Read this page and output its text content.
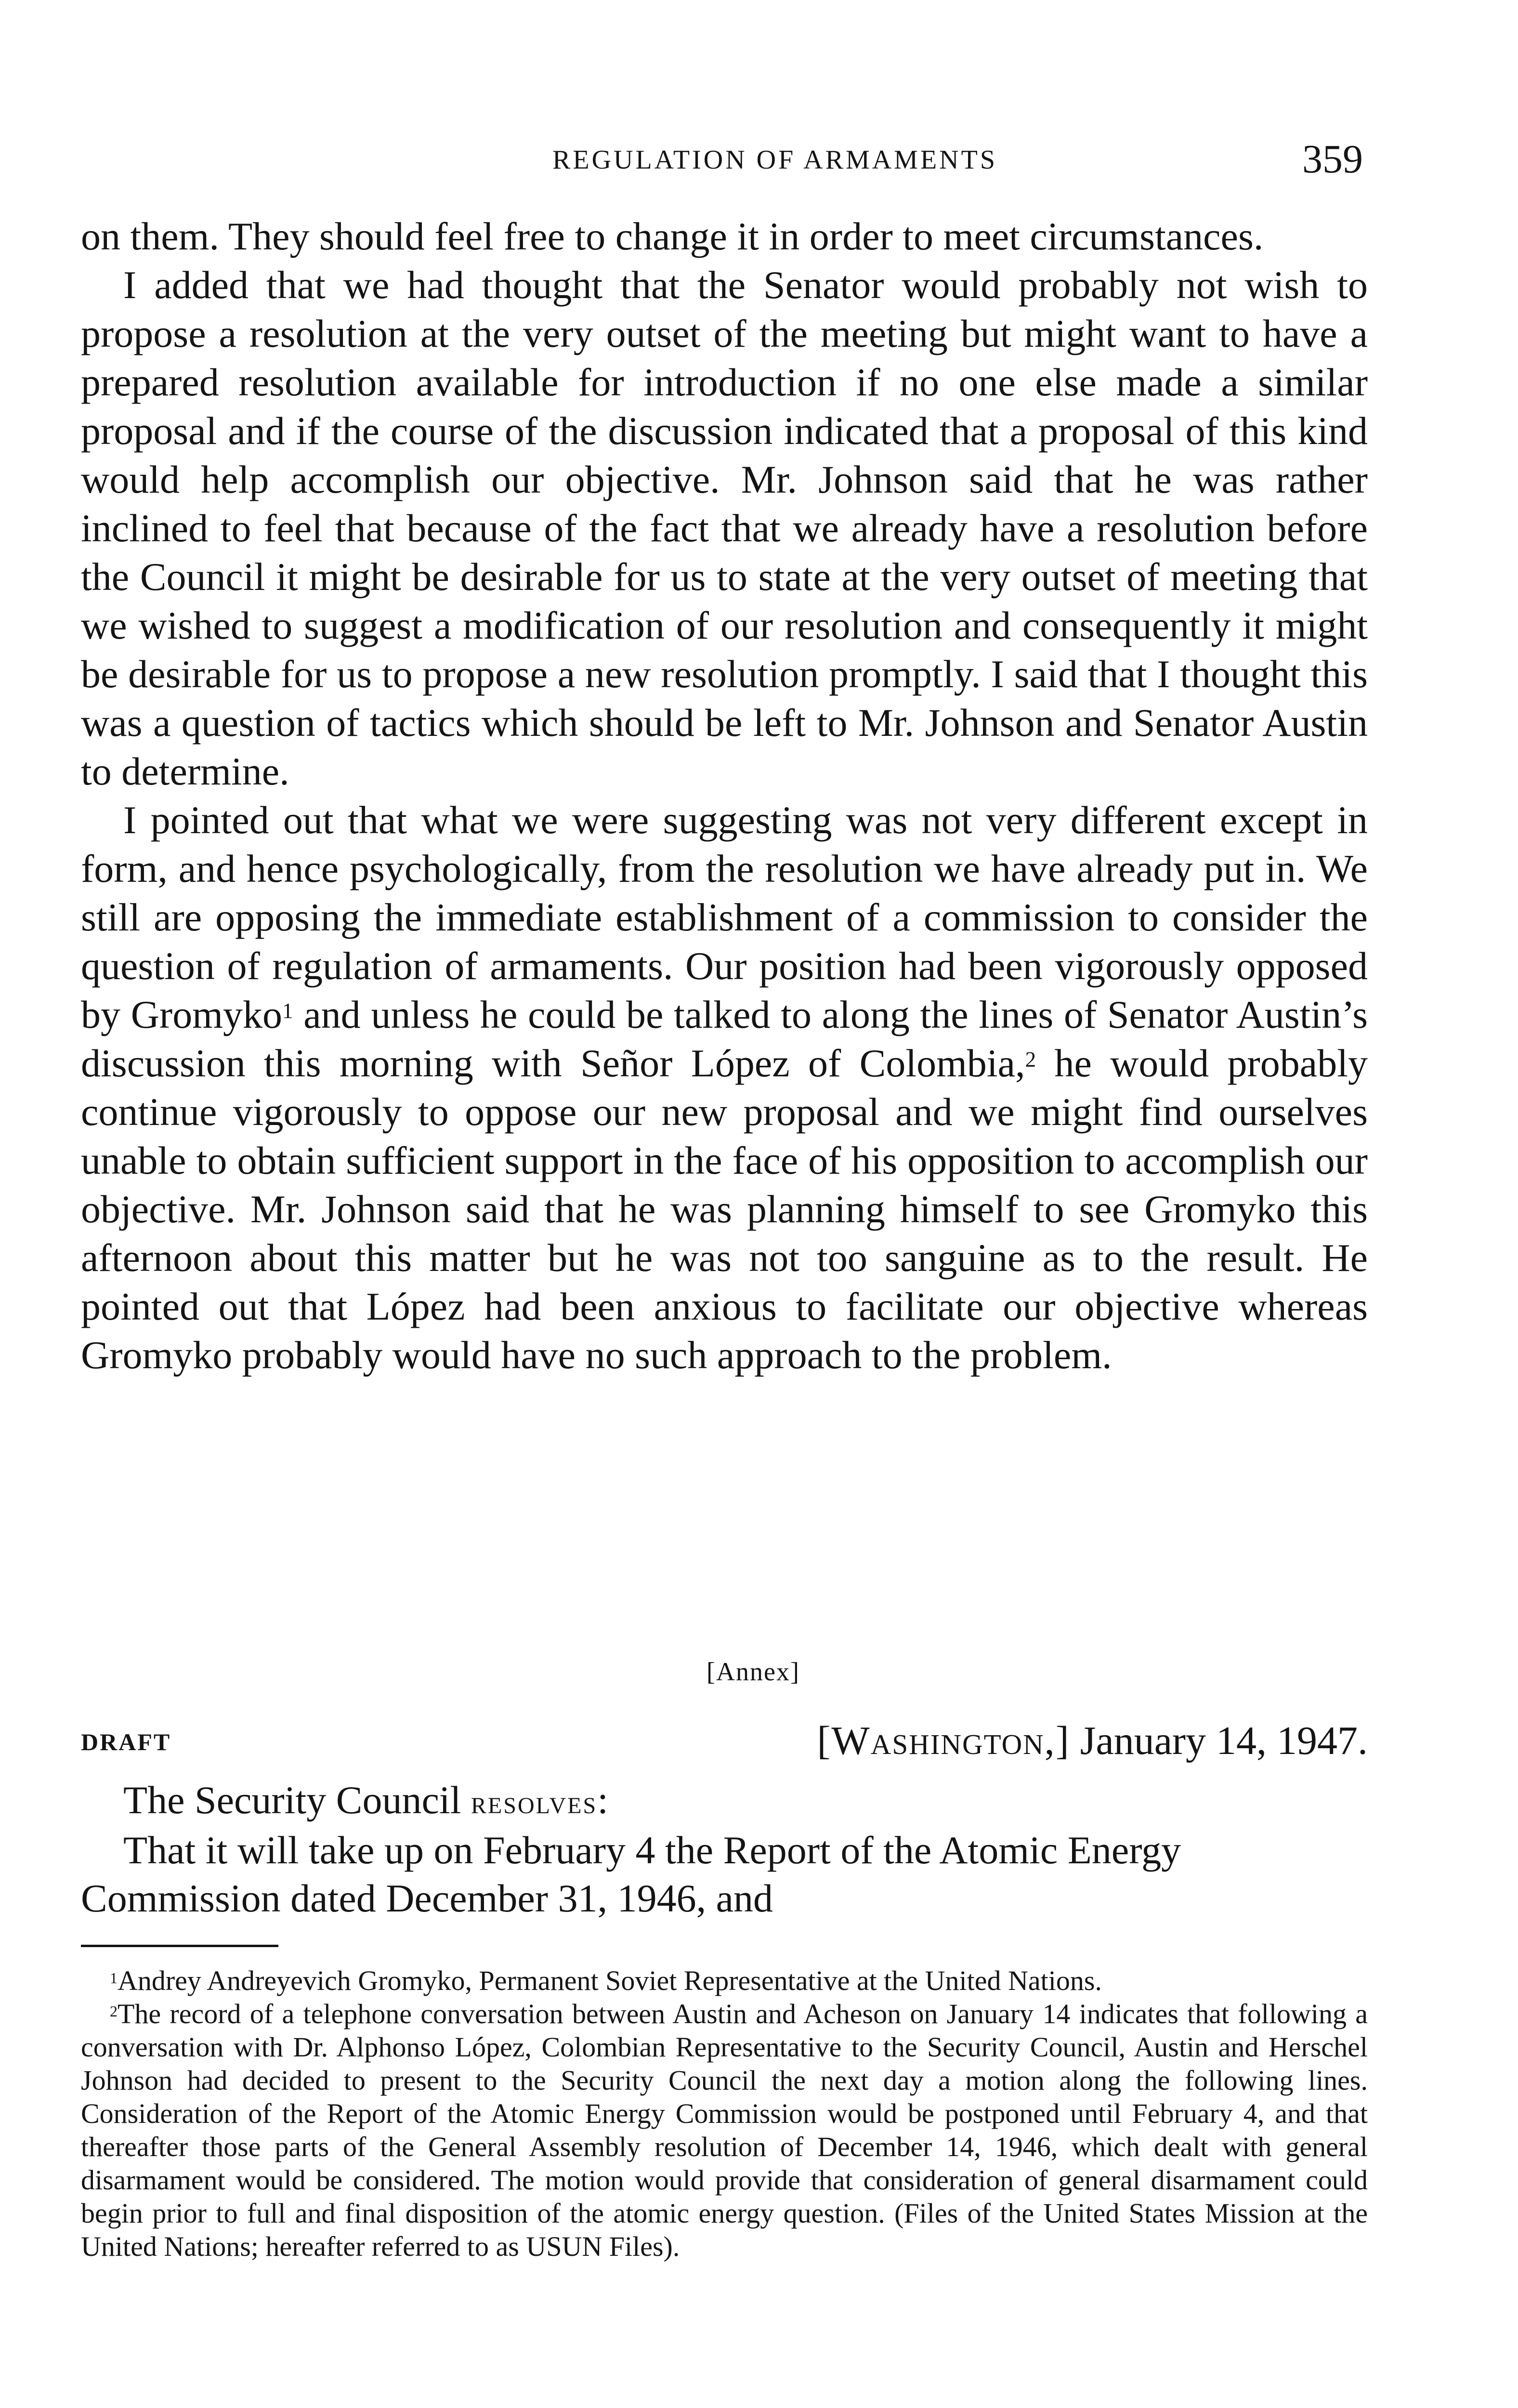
REGULATION OF ARMAMENTS	359

on them. They should feel free to change it in order to meet circumstances.

I added that we had thought that the Senator would probably not wish to propose a resolution at the very outset of the meeting but might want to have a prepared resolution available for introduction if no one else made a similar proposal and if the course of the discussion indicated that a proposal of this kind would help accomplish our objective. Mr. Johnson said that he was rather inclined to feel that because of the fact that we already have a resolution before the Council it might be desirable for us to state at the very outset of meeting that we wished to suggest a modification of our resolution and consequently it might be desirable for us to propose a new resolution promptly. I said that I thought this was a question of tactics which should be left to Mr. Johnson and Senator Austin to determine.

I pointed out that what we were suggesting was not very different except in form, and hence psychologically, from the resolution we have already put in. We still are opposing the immediate establishment of a commission to consider the question of regulation of armaments. Our position had been vigorously opposed by Gromyko$^1$ and unless he could be talked to along the lines of Senator Austin’s discussion this morning with Señor López of Colombia,$^2$ he would probably continue vigorously to oppose our new proposal and we might find ourselves unable to obtain sufficient support in the face of his opposition to accomplish our objective. Mr. Johnson said that he was planning himself to see Gromyko this afternoon about this matter but he was not too sanguine as to the result. He pointed out that López had been anxious to facilitate our objective whereas Gromyko probably would have no such approach to the problem.

[Annex]
DRAFT	[Washington,] January 14, 1947.

The Security Council resolves:

That it will take up on February 4 the Report of the Atomic Energy Commission dated December 31, 1946, and

$^1$Andrey Andreyevich Gromyko, Permanent Soviet Representative at the United Nations.

$^2$The record of a telephone conversation between Austin and Acheson on January 14 indicates that following a conversation with Dr. Alphonso López, Colombian Representative to the Security Council, Austin and Herschel Johnson had decided to present to the Security Council the next day a motion along the following lines. Consideration of the Report of the Atomic Energy Commission would be postponed until February 4, and that thereafter those parts of the General Assembly resolution of December 14, 1946, which dealt with general disarmament would be considered. The motion would provide that consideration of general disarmament could begin prior to full and final disposition of the atomic energy question. (Files of the United States Mission at the United Nations; hereafter referred to as USUN Files).
